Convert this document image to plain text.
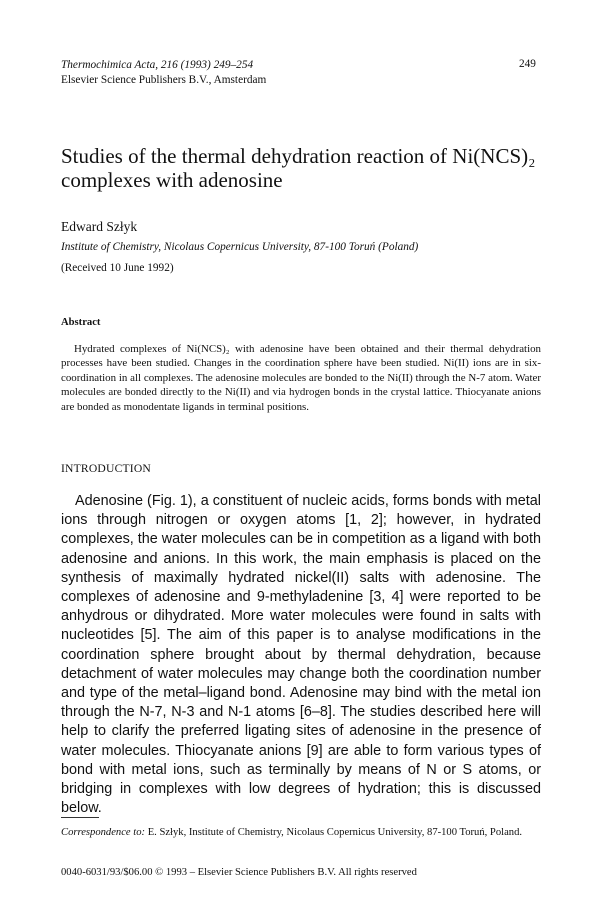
Thermochimica Acta, 216 (1993) 249–254
Elsevier Science Publishers B.V., Amsterdam
249
Studies of the thermal dehydration reaction of Ni(NCS)₂ complexes with adenosine
Edward Szłyk
Institute of Chemistry, Nicolaus Copernicus University, 87-100 Toruń (Poland)
(Received 10 June 1992)
Abstract
Hydrated complexes of Ni(NCS)₂ with adenosine have been obtained and their thermal dehydration processes have been studied. Changes in the coordination sphere have been studied. Ni(II) ions are in six-coordination in all complexes. The adenosine molecules are bonded to the Ni(II) through the N-7 atom. Water molecules are bonded directly to the Ni(II) and via hydrogen bonds in the crystal lattice. Thiocyanate anions are bonded as monodentate ligands in terminal positions.
INTRODUCTION
Adenosine (Fig. 1), a constituent of nucleic acids, forms bonds with metal ions through nitrogen or oxygen atoms [1, 2]; however, in hydrated complexes, the water molecules can be in competition as a ligand with both adenosine and anions. In this work, the main emphasis is placed on the synthesis of maximally hydrated nickel(II) salts with adenosine. The complexes of adenosine and 9-methyladenine [3, 4] were reported to be anhydrous or dihydrated. More water molecules were found in salts with nucleotides [5]. The aim of this paper is to analyse modifications in the coordination sphere brought about by thermal dehydration, because detachment of water molecules may change both the coordination number and type of the metal–ligand bond. Adenosine may bind with the metal ion through the N-7, N-3 and N-1 atoms [6–8]. The studies described here will help to clarify the preferred ligating sites of adenosine in the presence of water molecules. Thiocyanate anions [9] are able to form various types of bond with metal ions, such as terminally by means of N or S atoms, or bridging in complexes with low degrees of hydration; this is discussed below.
Correspondence to: E. Szłyk, Institute of Chemistry, Nicolaus Copernicus University, 87-100 Toruń, Poland.
0040-6031/93/$06.00 © 1993 – Elsevier Science Publishers B.V. All rights reserved
